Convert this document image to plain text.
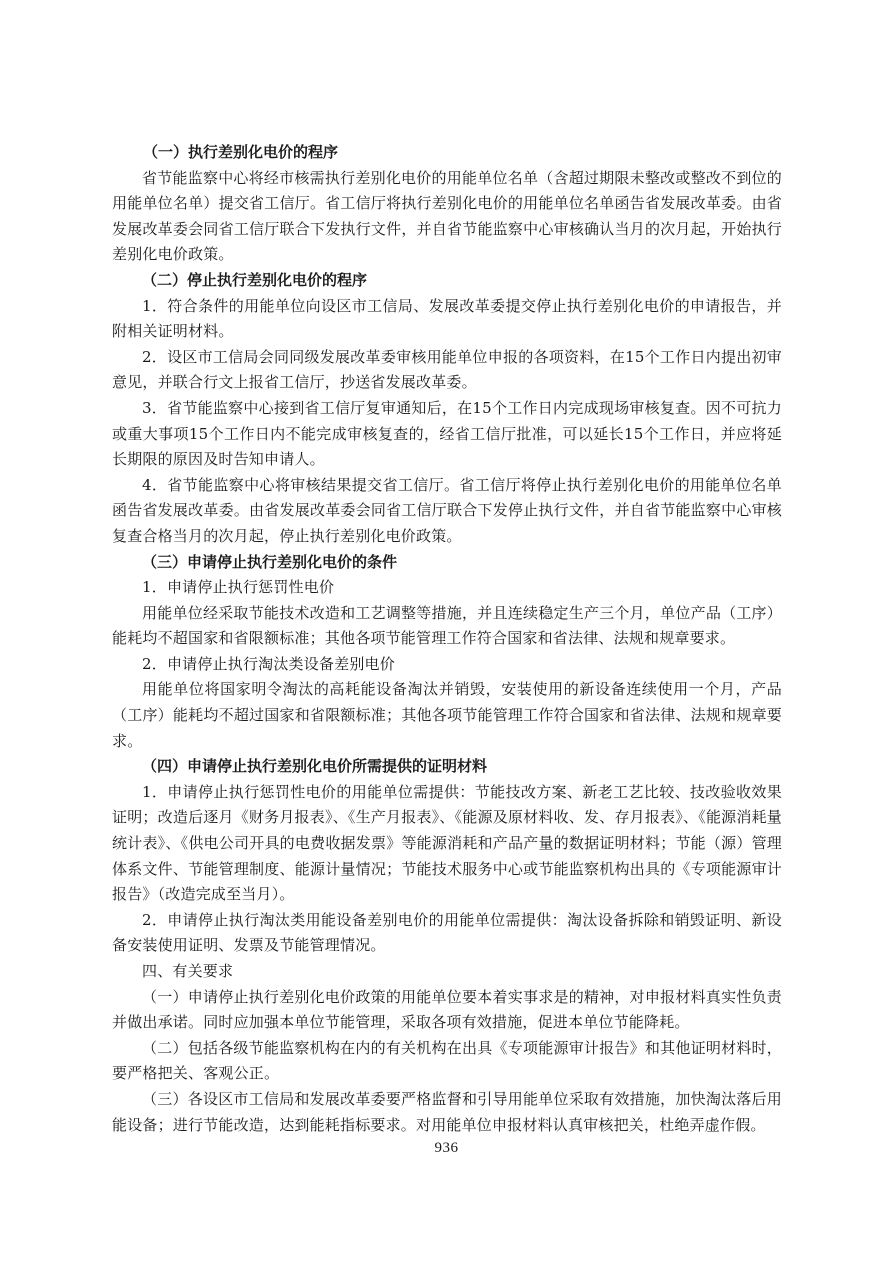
（一）执行差别化电价的程序

省节能监察中心将经市核需执行差别化电价的用能单位名单（含超过期限未整改或整改不到位的用能单位名单）提交省工信厅。省工信厅将执行差别化电价的用能单位名单函告省发展改革委。由省发展改革委会同省工信厅联合下发执行文件，并自省节能监察中心审核确认当月的次月起，开始执行差别化电价政策。

（二）停止执行差别化电价的程序

1．符合条件的用能单位向设区市工信局、发展改革委提交停止执行差别化电价的申请报告，并附相关证明材料。

2．设区市工信局会同同级发展改革委审核用能单位申报的各项资料，在15个工作日内提出初审意见，并联合行文上报省工信厅，抄送省发展改革委。

3．省节能监察中心接到省工信厅复审通知后，在15个工作日内完成现场审核复查。因不可抗力或重大事项15个工作日内不能完成审核复查的，经省工信厅批准，可以延长15个工作日，并应将延长期限的原因及时告知申请人。

4．省节能监察中心将审核结果提交省工信厅。省工信厅将停止执行差别化电价的用能单位名单函告省发展改革委。由省发展改革委会同省工信厅联合下发停止执行文件，并自省节能监察中心审核复查合格当月的次月起，停止执行差别化电价政策。

（三）申请停止执行差别化电价的条件

1．申请停止执行惩罚性电价

用能单位经采取节能技术改造和工艺调整等措施，并且连续稳定生产三个月，单位产品（工序）能耗均不超国家和省限额标准；其他各项节能管理工作符合国家和省法律、法规和规章要求。

2．申请停止执行淘汰类设备差别电价

用能单位将国家明令淘汰的高耗能设备淘汰并销毁，安装使用的新设备连续使用一个月，产品（工序）能耗均不超过国家和省限额标准；其他各项节能管理工作符合国家和省法律、法规和规章要求。

（四）申请停止执行差别化电价所需提供的证明材料

1．申请停止执行惩罚性电价的用能单位需提供：节能技改方案、新老工艺比较、技改验收效果证明；改造后逐月《财务月报表》、《生产月报表》、《能源及原材料收、发、存月报表》、《能源消耗量统计表》、《供电公司开具的电费收据发票》等能源消耗和产品产量的数据证明材料；节能（源）管理体系文件、节能管理制度、能源计量情况；节能技术服务中心或节能监察机构出具的《专项能源审计报告》（改造完成至当月）。

2．申请停止执行淘汰类用能设备差别电价的用能单位需提供：淘汰设备拆除和销毁证明、新设备安装使用证明、发票及节能管理情况。

四、有关要求

（一）申请停止执行差别化电价政策的用能单位要本着实事求是的精神，对申报材料真实性负责并做出承诺。同时应加强本单位节能管理，采取各项有效措施，促进本单位节能降耗。

（二）包括各级节能监察机构在内的有关机构在出具《专项能源审计报告》和其他证明材料时，要严格把关、客观公正。

（三）各设区市工信局和发展改革委要严格监督和引导用能单位采取有效措施，加快淘汰落后用能设备；进行节能改造，达到能耗指标要求。对用能单位申报材料认真审核把关，杜绝弄虚作假。

936
